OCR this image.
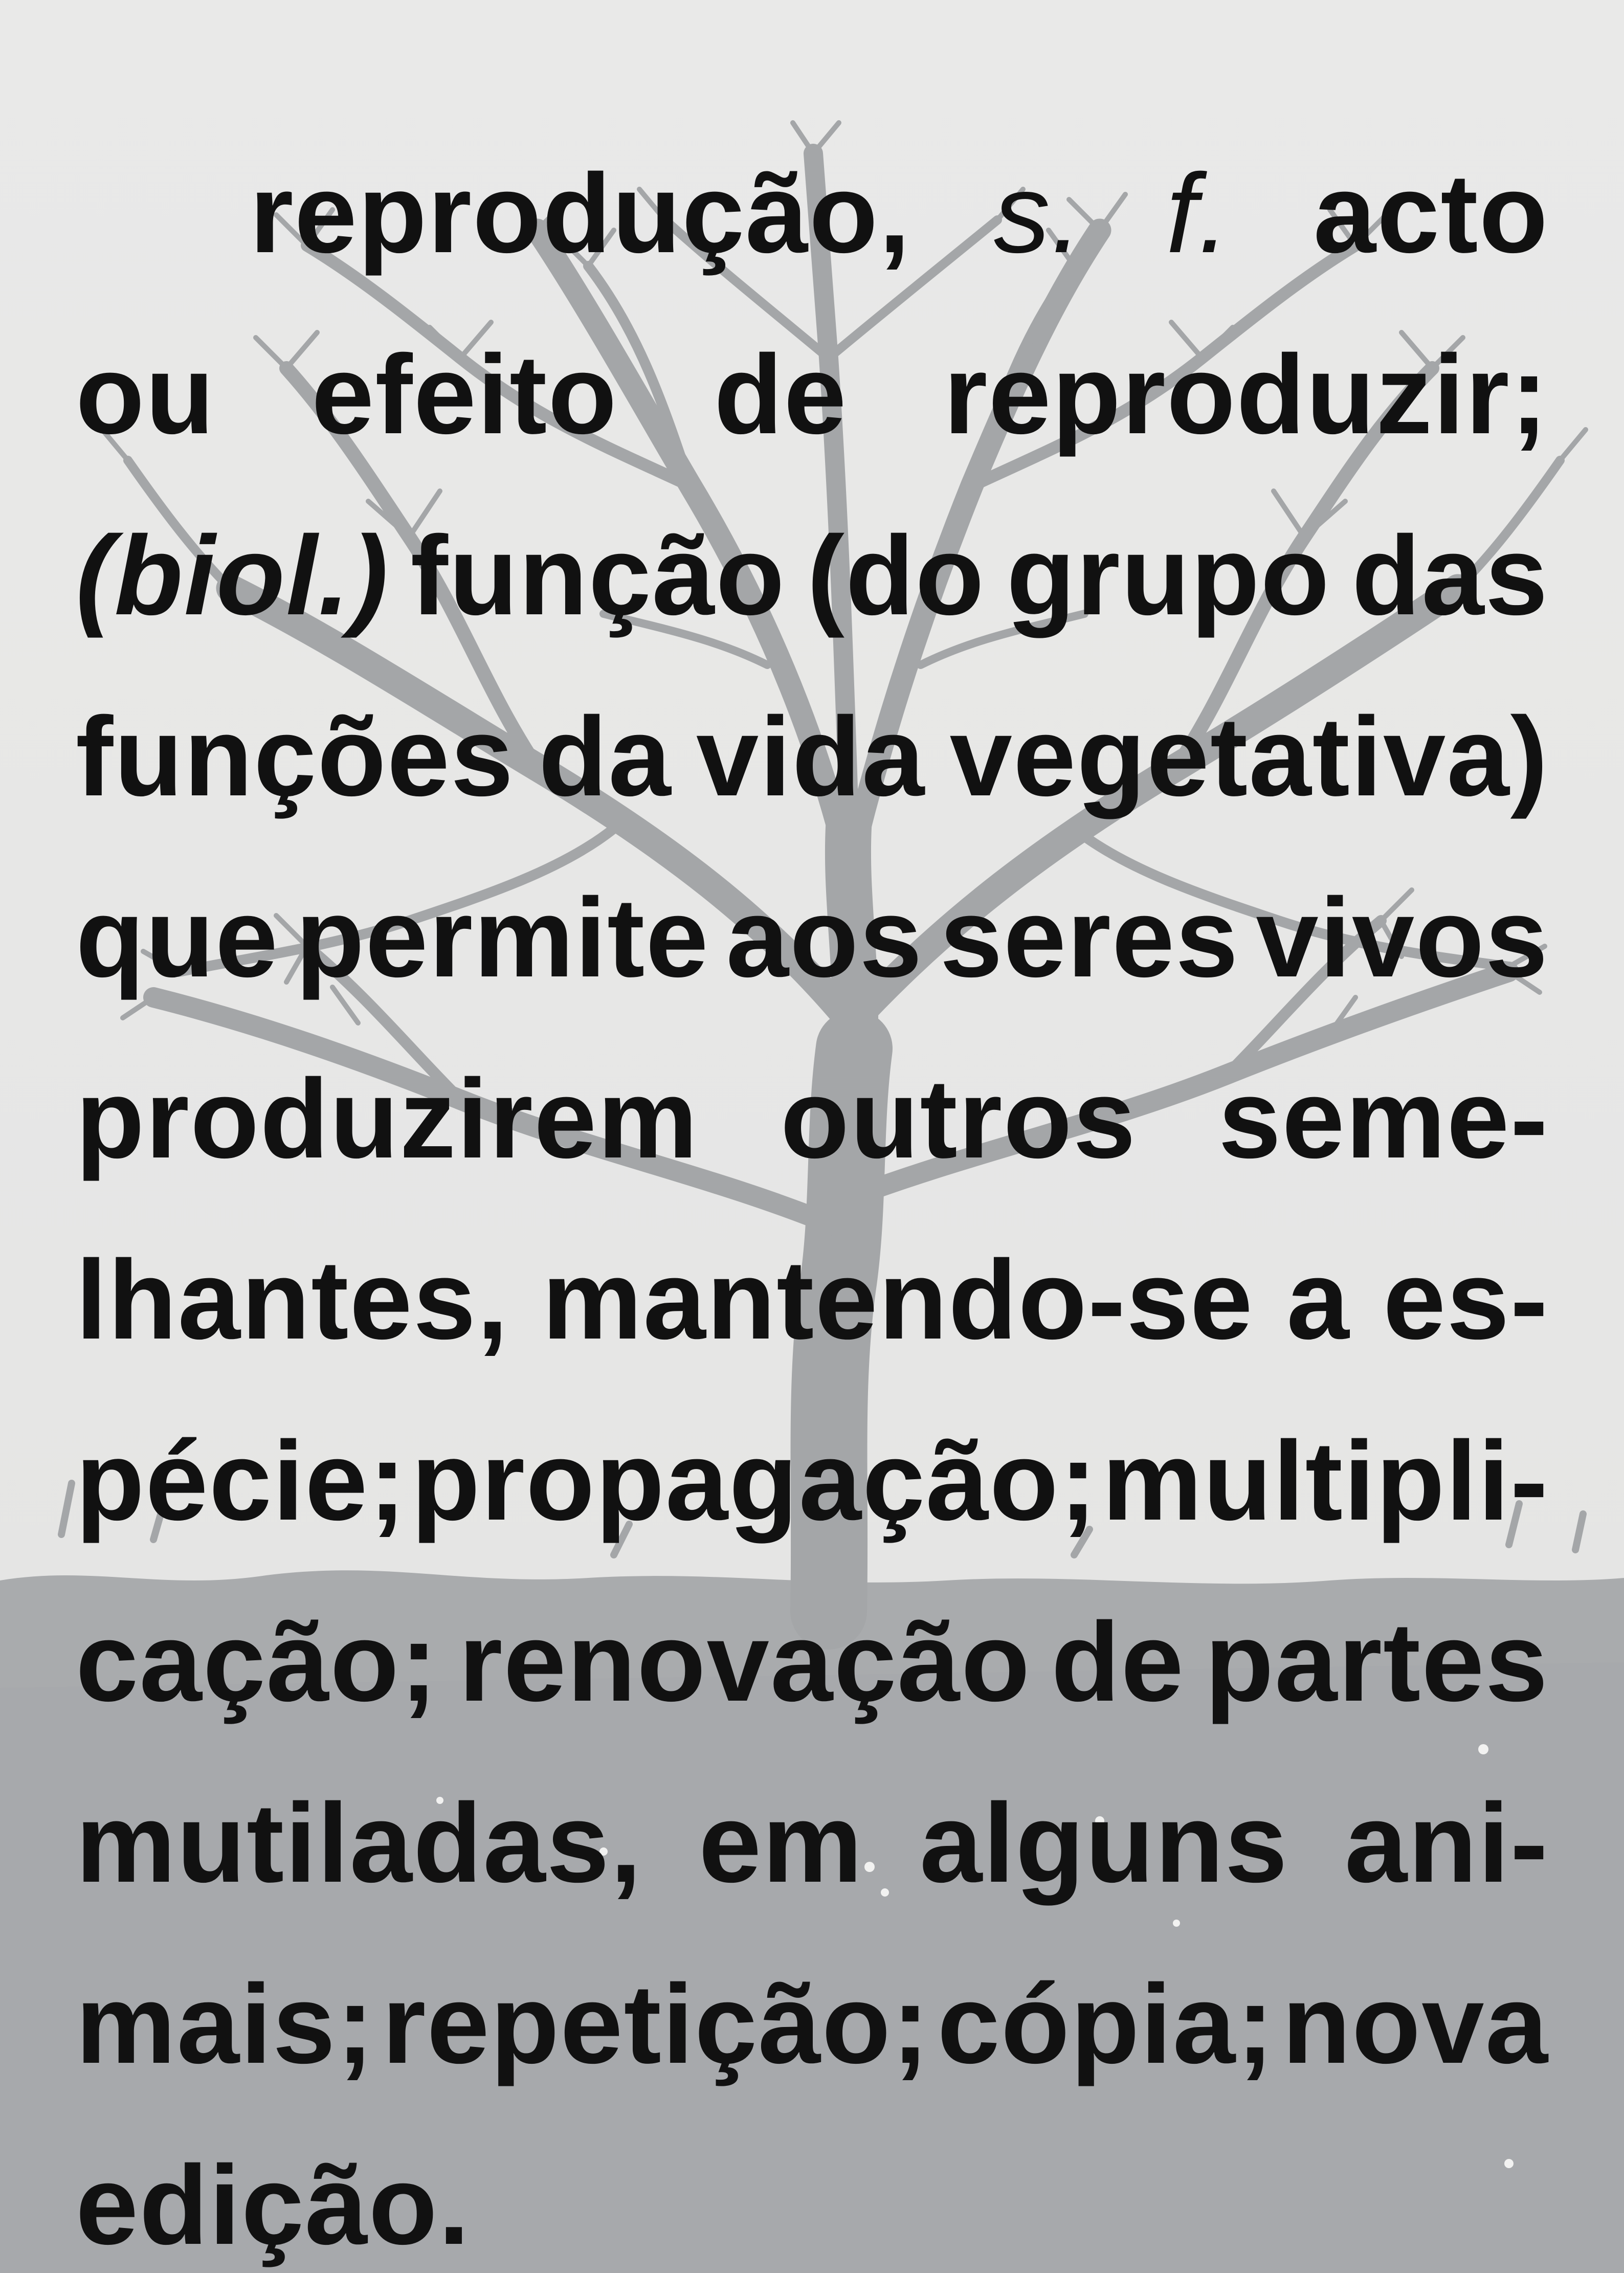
reprodução, s. f. acto
ou efeito de reproduzir;
(biol.) função (do grupo das
funções da vida vegetativa)
que permite aos seres vivos
produzirem outros seme-
lhantes, mantendo-se a es-
pécie; propagação; multipli-
cação; renovação de partes
mutiladas, em alguns ani-
mais; repetição; cópia; nova
edição.
